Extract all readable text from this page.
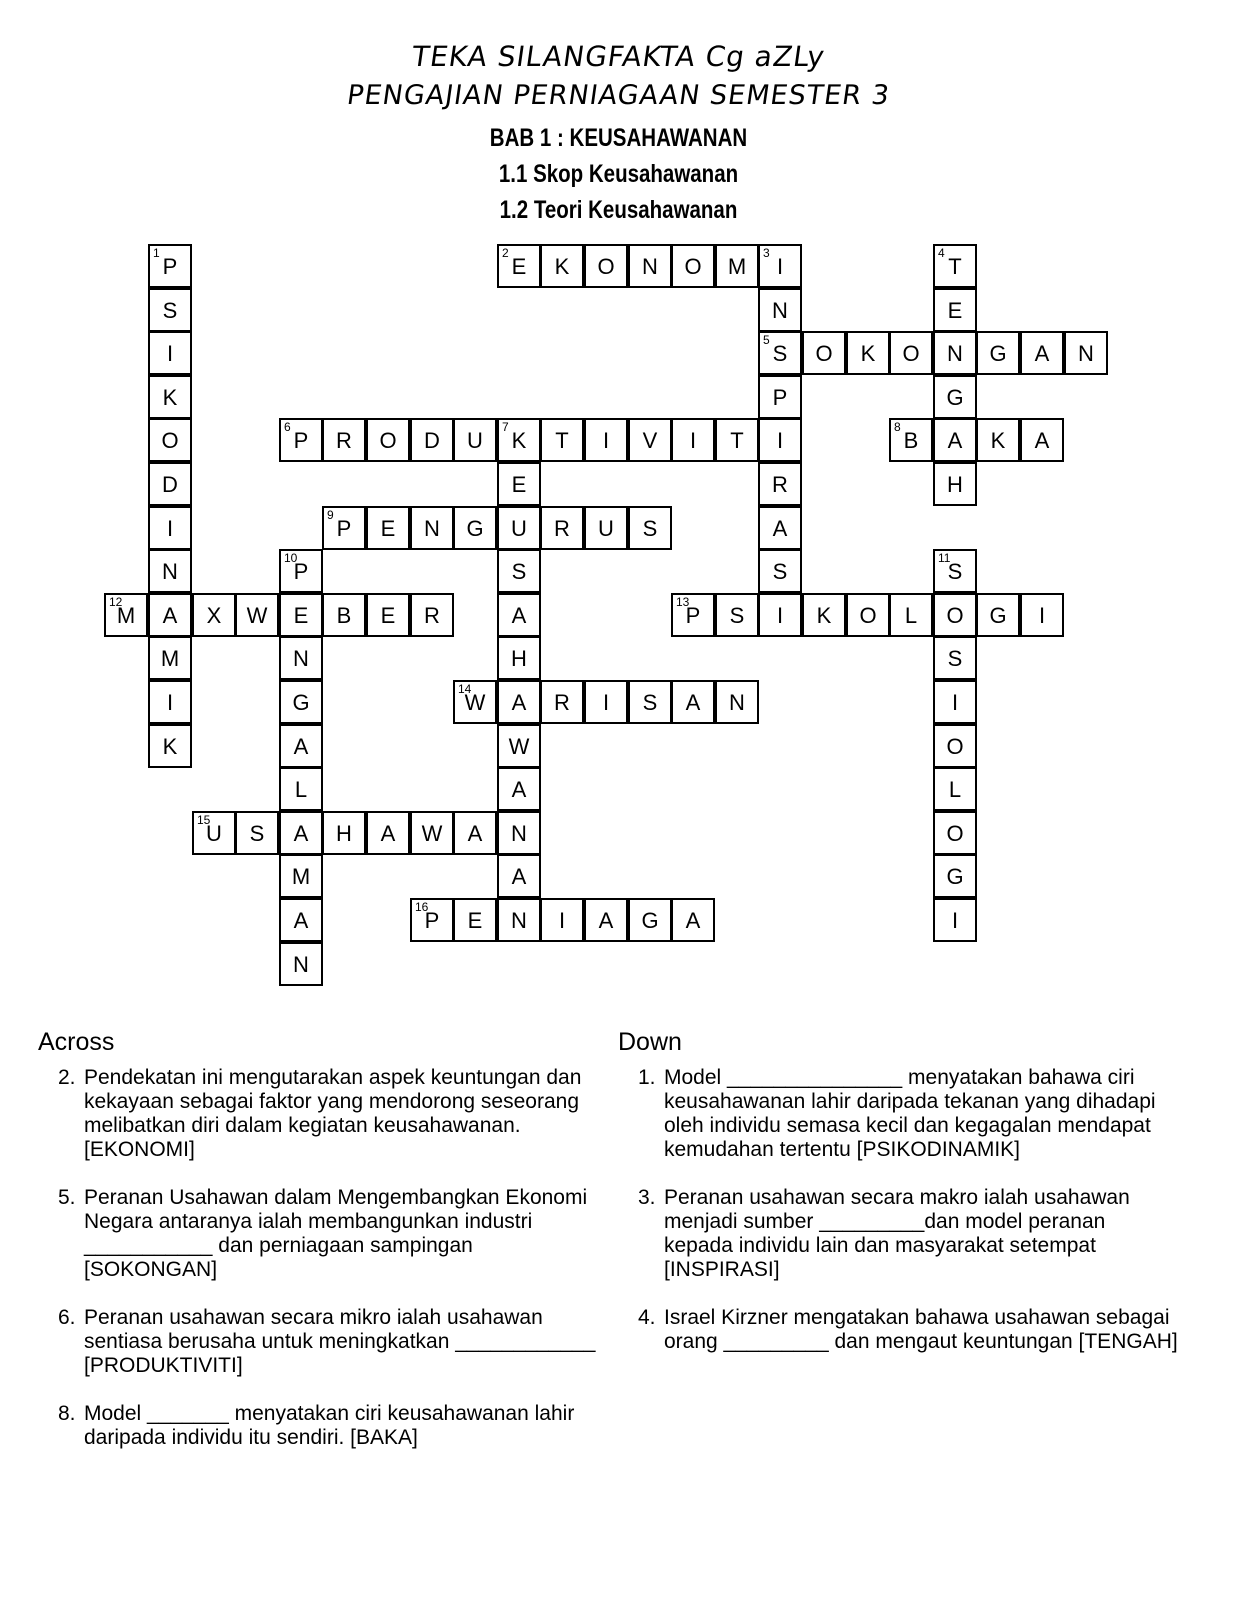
TEKA SILANGFAKTA Cg aZLy
PENGAJIAN PERNIAGAAN SEMESTER 3
BAB 1 : KEUSAHAWANAN
1.1 Skop Keusahawanan
1.2 Teori Keusahawanan
1
P
S
I
K
O
D
I
N
A
M
I
K
2
E	K	O	N	O	M
3
I
N
5
S
P
I
R
A
S
I
4
T
E
N
G
A
H
O	K	O	G	A	N
6
P	R	O	D	U
7
K	T	I	V	I	T
E
U
S
A
H
A
W
A
N
A
N
8
B	K	A
9
P	E	N	G	R	U	S
10
P
E
N
G
A
L
A
M
A
N
11
S
O
S
I
O
L
O
G
I
12
M	X	W	B	E	R
13
P	S	K	O	L	G	I
14
W	R	I	S	A	N
15
U	S	H	A	W	A
16
P	E	I	A	G	A
Across
2. Pendekatan ini mengutarakan aspek keuntungan dan kekayaan sebagai faktor yang mendorong seseorang melibatkan diri dalam kegiatan keusahawanan. [EKONOMI]
5. Peranan Usahawan dalam Mengembangkan Ekonomi Negara antaranya ialah membangunkan industri ___________ dan perniagaan sampingan [SOKONGAN]
6. Peranan usahawan secara mikro ialah usahawan sentiasa berusaha untuk meningkatkan ____________ [PRODUKTIVITI]
8. Model _______ menyatakan ciri keusahawanan lahir daripada individu itu sendiri. [BAKA]
Down
1. Model _______________ menyatakan bahawa ciri keusahawanan lahir daripada tekanan yang dihadapi oleh individu semasa kecil dan kegagalan mendapat kemudahan tertentu [PSIKODINAMIK]
3. Peranan usahawan secara makro ialah usahawan menjadi sumber _________dan model peranan kepada individu lain dan masyarakat setempat [INSPIRASI]
4. Israel Kirzner mengatakan bahawa usahawan sebagai orang _________ dan mengaut keuntungan [TENGAH]
